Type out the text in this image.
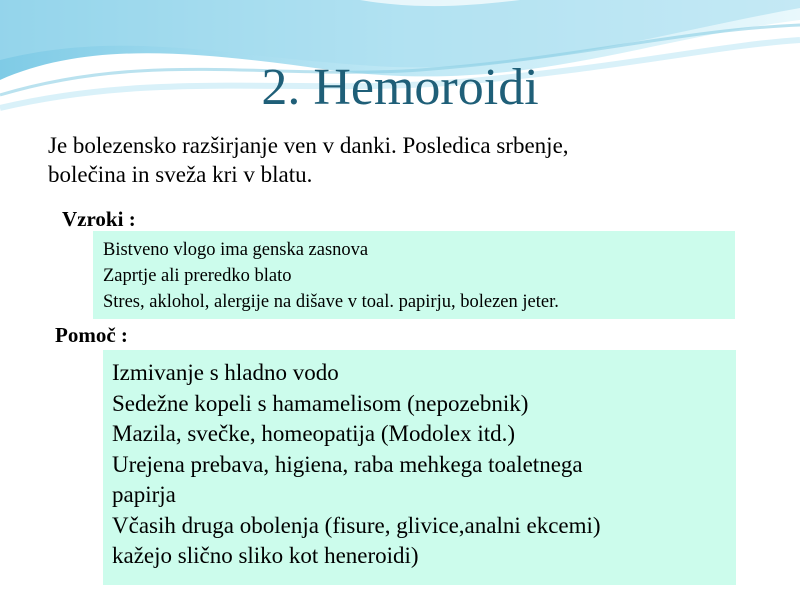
2. Hemoroidi
Je bolezensko razširjanje ven v danki. Posledica srbenje,
bolečina in sveža kri v blatu.
Vzroki :
Bistveno vlogo ima genska zasnova
Zaprtje ali preredko blato
Stres, aklohol, alergije na dišave v toal. papirju, bolezen jeter.
Pomoč :
Izmivanje s hladno vodo
Sedežne kopeli s hamamelisom (nepozebnik)
Mazila, svečke, homeopatija (Modolex itd.)
Urejena prebava, higiena, raba mehkega toaletnega
papirja
Včasih druga obolenja (fisure, glivice,analni ekcemi)
kažejo slično sliko kot heneroidi)
